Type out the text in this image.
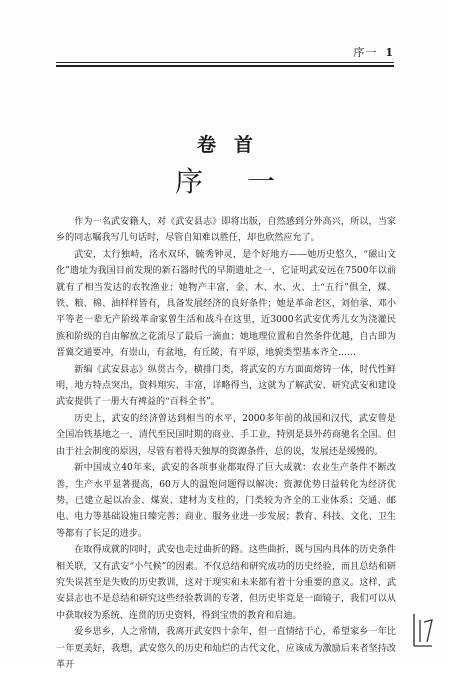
序一 1
卷首
序一

作为一名武安籍人，对《武安县志》即将出版，自然感到分外高兴，所以，当家乡的同志嘱我写几句话时，尽管自知难以胜任，却也欣然应允了。

武安，太行独峙，洺水双环，毓秀钟灵，是个好地方——她历史悠久，“磁山文化”遗址为我国目前发现的新石器时代的早期遗址之一，它证明武安远在7500年以前就有了相当发达的农牧渔业；她物产丰富，金、木、水、火、土“五行”俱全，煤、铁、粮、棉、油样样皆有，具备发展经济的良好条件；她是革命老区，刘伯承、邓小平等老一辈无产阶级革命家曾生活和战斗在这里，近3000名武安优秀儿女为浇灌民族和阶级的自由解放之花流尽了最后一滴血；她地理位置和自然条件优越，自古即为晋冀交通要冲，有崇山，有盆地，有丘陵，有平原，地貌类型基本齐全……

新编《武安县志》纵贯古今，横排门类，将武安的方方面面熔铸一体，时代性鲜明，地方特点突出，资料翔实、丰富，详略得当，这就为了解武安、研究武安和建设武安提供了一册大有裨益的“百科全书”。

历史上，武安的经济曾达到相当的水平，2000多年前的战国和汉代，武安曾是全国冶铁基地之一，清代至民国时期的商业、手工业，特别是县外药商驰名全国。但由于社会制度的原因，尽管有着得天独厚的资源条件，总的说，发展还是缓慢的。

新中国成立40年来，武安的各项事业都取得了巨大成就：农业生产条件不断改善，生产水平显著提高，60万人的温饱问题得以解决；资源优势日益转化为经济优势，已建立起以冶金、煤炭、建材为支柱的，门类较为齐全的工业体系；交通、邮电、电力等基础设施日臻完善；商业、服务业进一步发展；教育、科技、文化、卫生等都有了长足的进步。

在取得成就的同时，武安也走过曲折的路。这些曲折，既与国内具体的历史条件相关联，又有武安“小气候”的因素。不仅总结和研究成功的历史经验，而且总结和研究失误甚至是失败的历史教训，这对于现实和未来都有着十分重要的意义。这样，武安县志也不是总结和研究这些经验教训的专著，但历史毕竟是一面镜子，我们可以从中获取较为系统、连贯的历史资料，得到宝贵的教育和启迪。

爱乡思乡，人之常情，我离开武安四十余年，但一直情结于心，希望家乡一年比一年更美好，我想，武安悠久的历史和灿烂的古代文化，应该成为激励后来者坚持改革开
